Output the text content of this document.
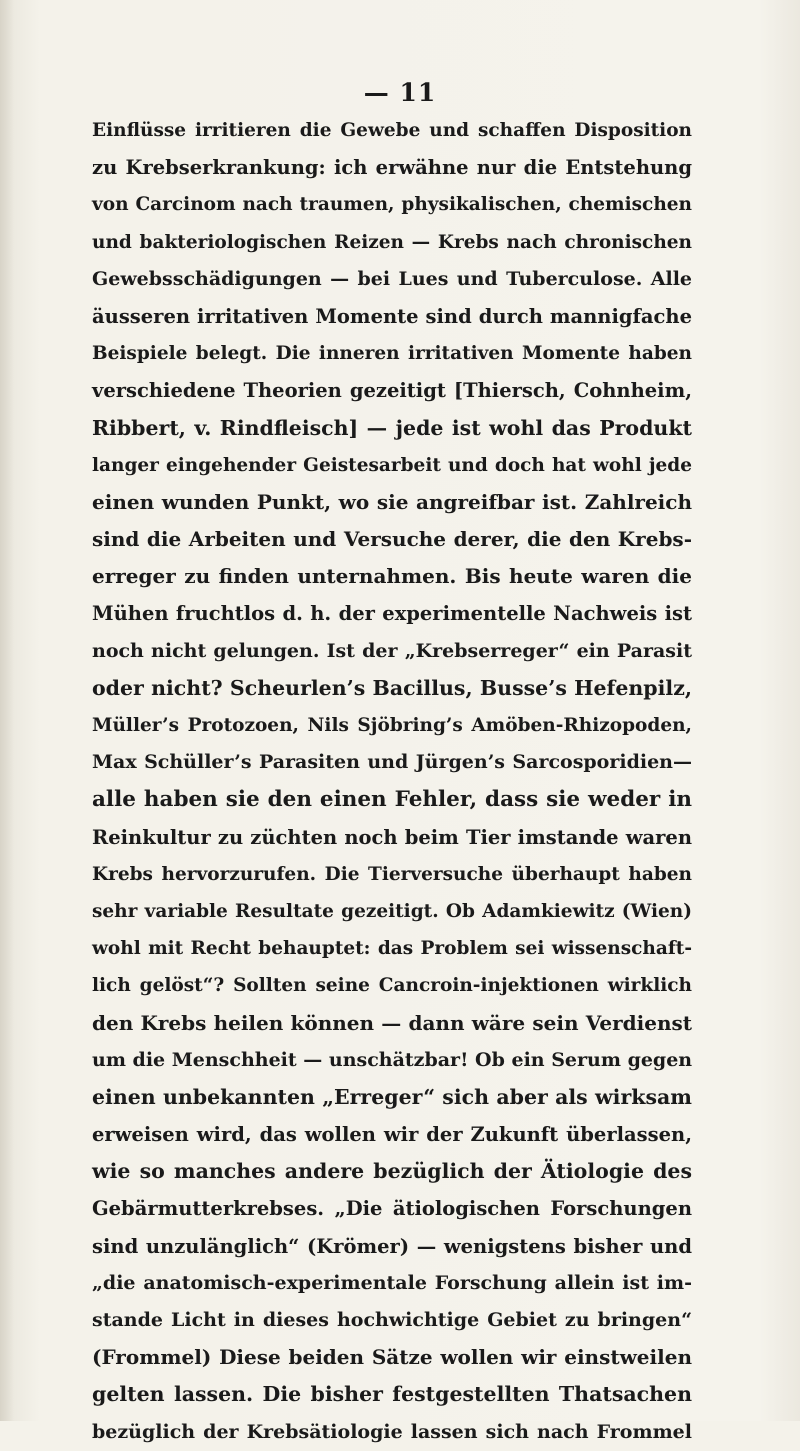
— 11
Einflüsse irritieren die Gewebe und schaffen Disposition
zu Krebserkrankung: ich erwähne nur die Entstehung
von Carcinom nach traumen, physikalischen, chemischen
und bakteriologischen Reizen — Krebs nach chronischen
Gewebsschädigungen — bei Lues und Tuberculose. Alle
äusseren irritativen Momente sind durch mannigfache
Beispiele belegt. Die inneren irritativen Momente haben
verschiedene Theorien gezeitigt [Thiersch, Cohnheim,
Ribbert, v. Rindfleisch] — jede ist wohl das Produkt
langer eingehender Geistesarbeit und doch hat wohl jede
einen wunden Punkt, wo sie angreifbar ist. Zahlreich
sind die Arbeiten und Versuche derer, die den Krebs-
erreger zu finden unternahmen. Bis heute waren die
Mühen fruchtlos d. h. der experimentelle Nachweis ist
noch nicht gelungen. Ist der „Krebserreger“ ein Parasit
oder nicht? Scheurlen’s Bacillus, Busse’s Hefenpilz,
Müller’s Protozoen, Nils Sjöbring’s Amöben-Rhizopoden,
Max Schüller’s Parasiten und Jürgen’s Sarcosporidien—
alle haben sie den einen Fehler, dass sie weder in
Reinkultur zu züchten noch beim Tier imstande waren
Krebs hervorzurufen. Die Tierversuche überhaupt haben
sehr variable Resultate gezeitigt. Ob Adamkiewitz (Wien)
wohl mit Recht behauptet: das Problem sei wissenschaft-
lich gelöst“? Sollten seine Cancroin-injektionen wirklich
den Krebs heilen können — dann wäre sein Verdienst
um die Menschheit — unschätzbar! Ob ein Serum gegen
einen unbekannten „Erreger“ sich aber als wirksam
erweisen wird, das wollen wir der Zukunft überlassen,
wie so manches andere bezüglich der Ätiologie des
Gebärmutterkrebses. „Die ätiologischen Forschungen
sind unzulänglich“ (Krömer) — wenigstens bisher und
„die anatomisch-experimentale Forschung allein ist im-
stande Licht in dieses hochwichtige Gebiet zu bringen“
(Frommel) Diese beiden Sätze wollen wir einstweilen
gelten lassen. Die bisher festgestellten Thatsachen
bezüglich der Krebsätiologie lassen sich nach Frommel
